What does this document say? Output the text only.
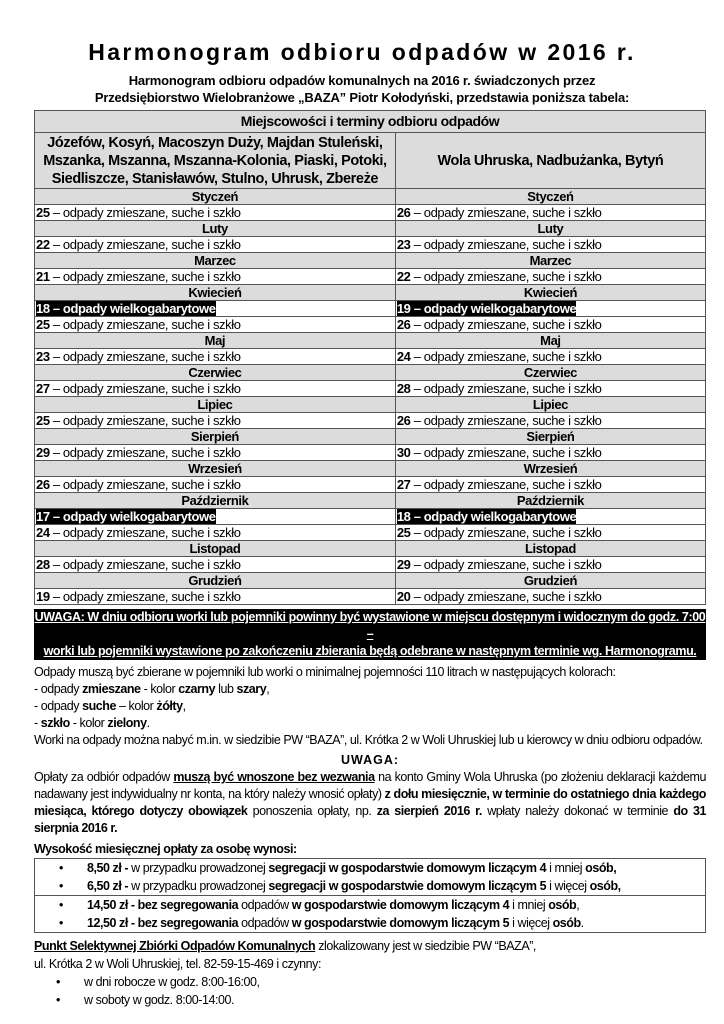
Harmonogram odbioru odpadów w 2016 r.
Harmonogram odbioru odpadów komunalnych na 2016 r. świadczonych przez
Przedsiębiorstwo Wielobranżowe „BAZA” Piotr Kołodyński, przedstawia poniższa tabela:
Miejscowości i terminy odbioru odpadów	

Józefów, Kosyń, Macoszyn Duży, Majdan Stuleński,
Mszanka, Mszanna, Mszanna-Kolonia, Piaski, Potoki,
Siedliszcze, Stanisławów, Stulno, Uhrusk, Zbereże	Wola Uhruska, Nadbużanka, Bytyń
Styczeń	Styczeń
25 – odpady zmieszane, suche i szkło	26 – odpady zmieszane, suche i szkło
Luty	Luty
22 – odpady zmieszane, suche i szkło	23 – odpady zmieszane, suche i szkło
Marzec	Marzec
21 – odpady zmieszane, suche i szkło	22 – odpady zmieszane, suche i szkło
Kwiecień	Kwiecień
18 – odpady wielkogabarytowe	19 – odpady wielkogabarytowe
25 – odpady zmieszane, suche i szkło	26 – odpady zmieszane, suche i szkło
Maj	Maj
23 – odpady zmieszane, suche i szkło	24 – odpady zmieszane, suche i szkło
Czerwiec	Czerwiec
27 – odpady zmieszane, suche i szkło	28 – odpady zmieszane, suche i szkło
Lipiec	Lipiec
25 – odpady zmieszane, suche i szkło	26 – odpady zmieszane, suche i szkło
Sierpień	Sierpień
29 – odpady zmieszane, suche i szkło	30 – odpady zmieszane, suche i szkło
Wrzesień	Wrzesień
26 – odpady zmieszane, suche i szkło	27 – odpady zmieszane, suche i szkło
Październik	Październik
17 – odpady wielkogabarytowe	18 – odpady wielkogabarytowe
24 – odpady zmieszane, suche i szkło	25 – odpady zmieszane, suche i szkło
Listopad	Listopad
28 – odpady zmieszane, suche i szkło	29 – odpady zmieszane, suche i szkło
Grudzień	Grudzień
19 – odpady zmieszane, suche i szkło	20 – odpady zmieszane, suche i szkło
UWAGA: W dniu odbioru worki lub pojemniki powinny być wystawione w miejscu dostępnym i widocznym do godz. 7:00 –
worki lub pojemniki wystawione po zakończeniu zbierania będą odebrane w następnym terminie wg. Harmonogramu.
Odpady muszą być zbierane w pojemniki lub worki o minimalnej pojemności 110 litrach w następujących kolorach:
- odpady zmieszane - kolor czarny lub szary,
- odpady suche – kolor żółty,
- szkło - kolor zielony.
Worki na odpady można nabyć m.in. w siedzibie PW “BAZA”, ul. Krótka 2 w Woli Uhruskiej lub u kierowcy w dniu odbioru odpadów.
UWAGA:
Opłaty za odbiór odpadów muszą być wnoszone bez wezwania na konto Gminy Wola Uhruska (po złożeniu deklaracji każdemu nadawany jest indywidualny nr konta, na który należy wnosić opłaty) z dołu miesięcznie, w terminie do ostatniego dnia każdego miesiąca, którego dotyczy obowiązek ponoszenia opłaty, np. za sierpień 2016 r. wpłaty należy dokonać w terminie do 31 sierpnia 2016 r.
Wysokość miesięcznej opłaty za osobę wynosi:
• 8,50 zł - w przypadku prowadzonej segregacji w gospodarstwie domowym liczącym 4 i mniej osób,
• 6,50 zł - w przypadku prowadzonej segregacji w gospodarstwie domowym liczącym 5 i więcej osób,
• 14,50 zł - bez segregowania odpadów w gospodarstwie domowym liczącym 4 i mniej osób,
• 12,50 zł - bez segregowania odpadów w gospodarstwie domowym liczącym 5 i więcej osób.
Punkt Selektywnej Zbiórki Odpadów Komunalnych zlokalizowany jest w siedzibie PW “BAZA”,
ul. Krótka 2 w Woli Uhruskiej, tel. 82-59-15-469 i czynny:
• w dni robocze w godz. 8:00-16:00,
• w soboty w godz. 8:00-14:00.
